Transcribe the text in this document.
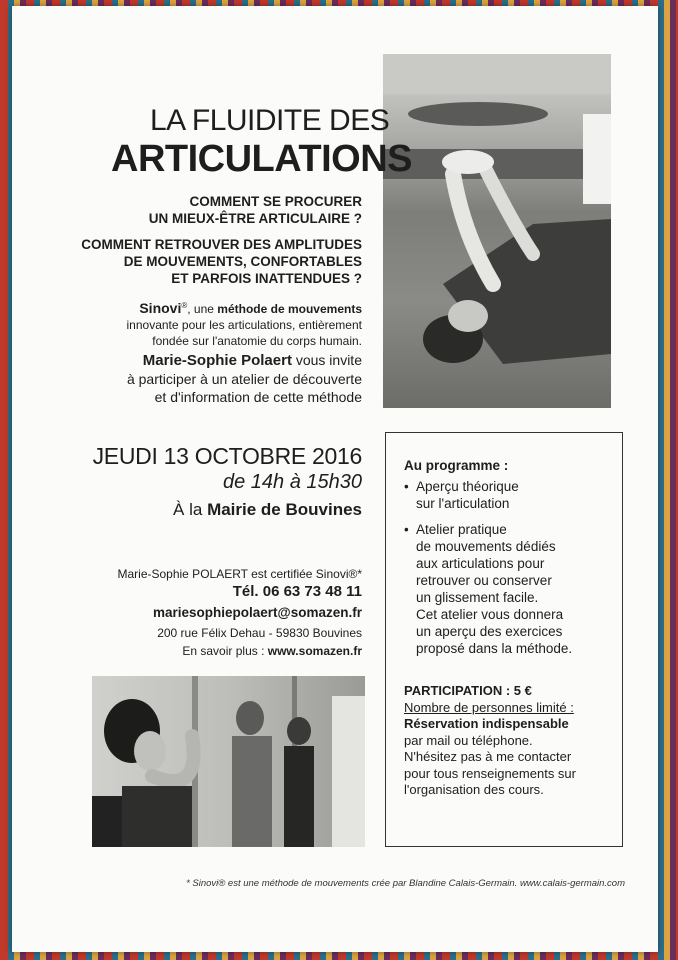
LA FLUIDITE DES
ARTICULATIONS
COMMENT SE PROCURER
UN MIEUX-ÊTRE ARTICULAIRE ?
COMMENT RETROUVER DES AMPLITUDES
DE MOUVEMENTS, CONFORTABLES
ET PARFOIS INATTENDUES ?
Sinovi®, une méthode de mouvements
innovante pour les articulations, entièrement
fondée sur l'anatomie du corps humain.
Marie-Sophie Polaert vous invite
à participer à un atelier de découverte
et d'information de cette méthode
JEUDI 13 OCTOBRE 2016
de 14h à 15h30
À la Mairie de Bouvines
Marie-Sophie POLAERT est certifiée Sinovi®*
Tél. 06 63 73 48 11
mariesophiepolaert@somazen.fr
200 rue Félix Dehau - 59830 Bouvines
En savoir plus : www.somazen.fr
Au programme :
• Aperçu théorique
sur l'articulation
• Atelier pratique
de mouvements dédiés
aux articulations pour
retrouver ou conserver
un glissement facile.
Cet atelier vous donnera
un aperçu des exercices
proposé dans la méthode.
PARTICIPATION : 5 €
Nombre de personnes limité :
Réservation indispensable
par mail ou téléphone.
N'hésitez pas à me contacter
pour tous renseignements sur
l'organisation des cours.
* Sinovi® est une méthode de mouvements crée par Blandine Calais-Germain. www.calais-germain.com
